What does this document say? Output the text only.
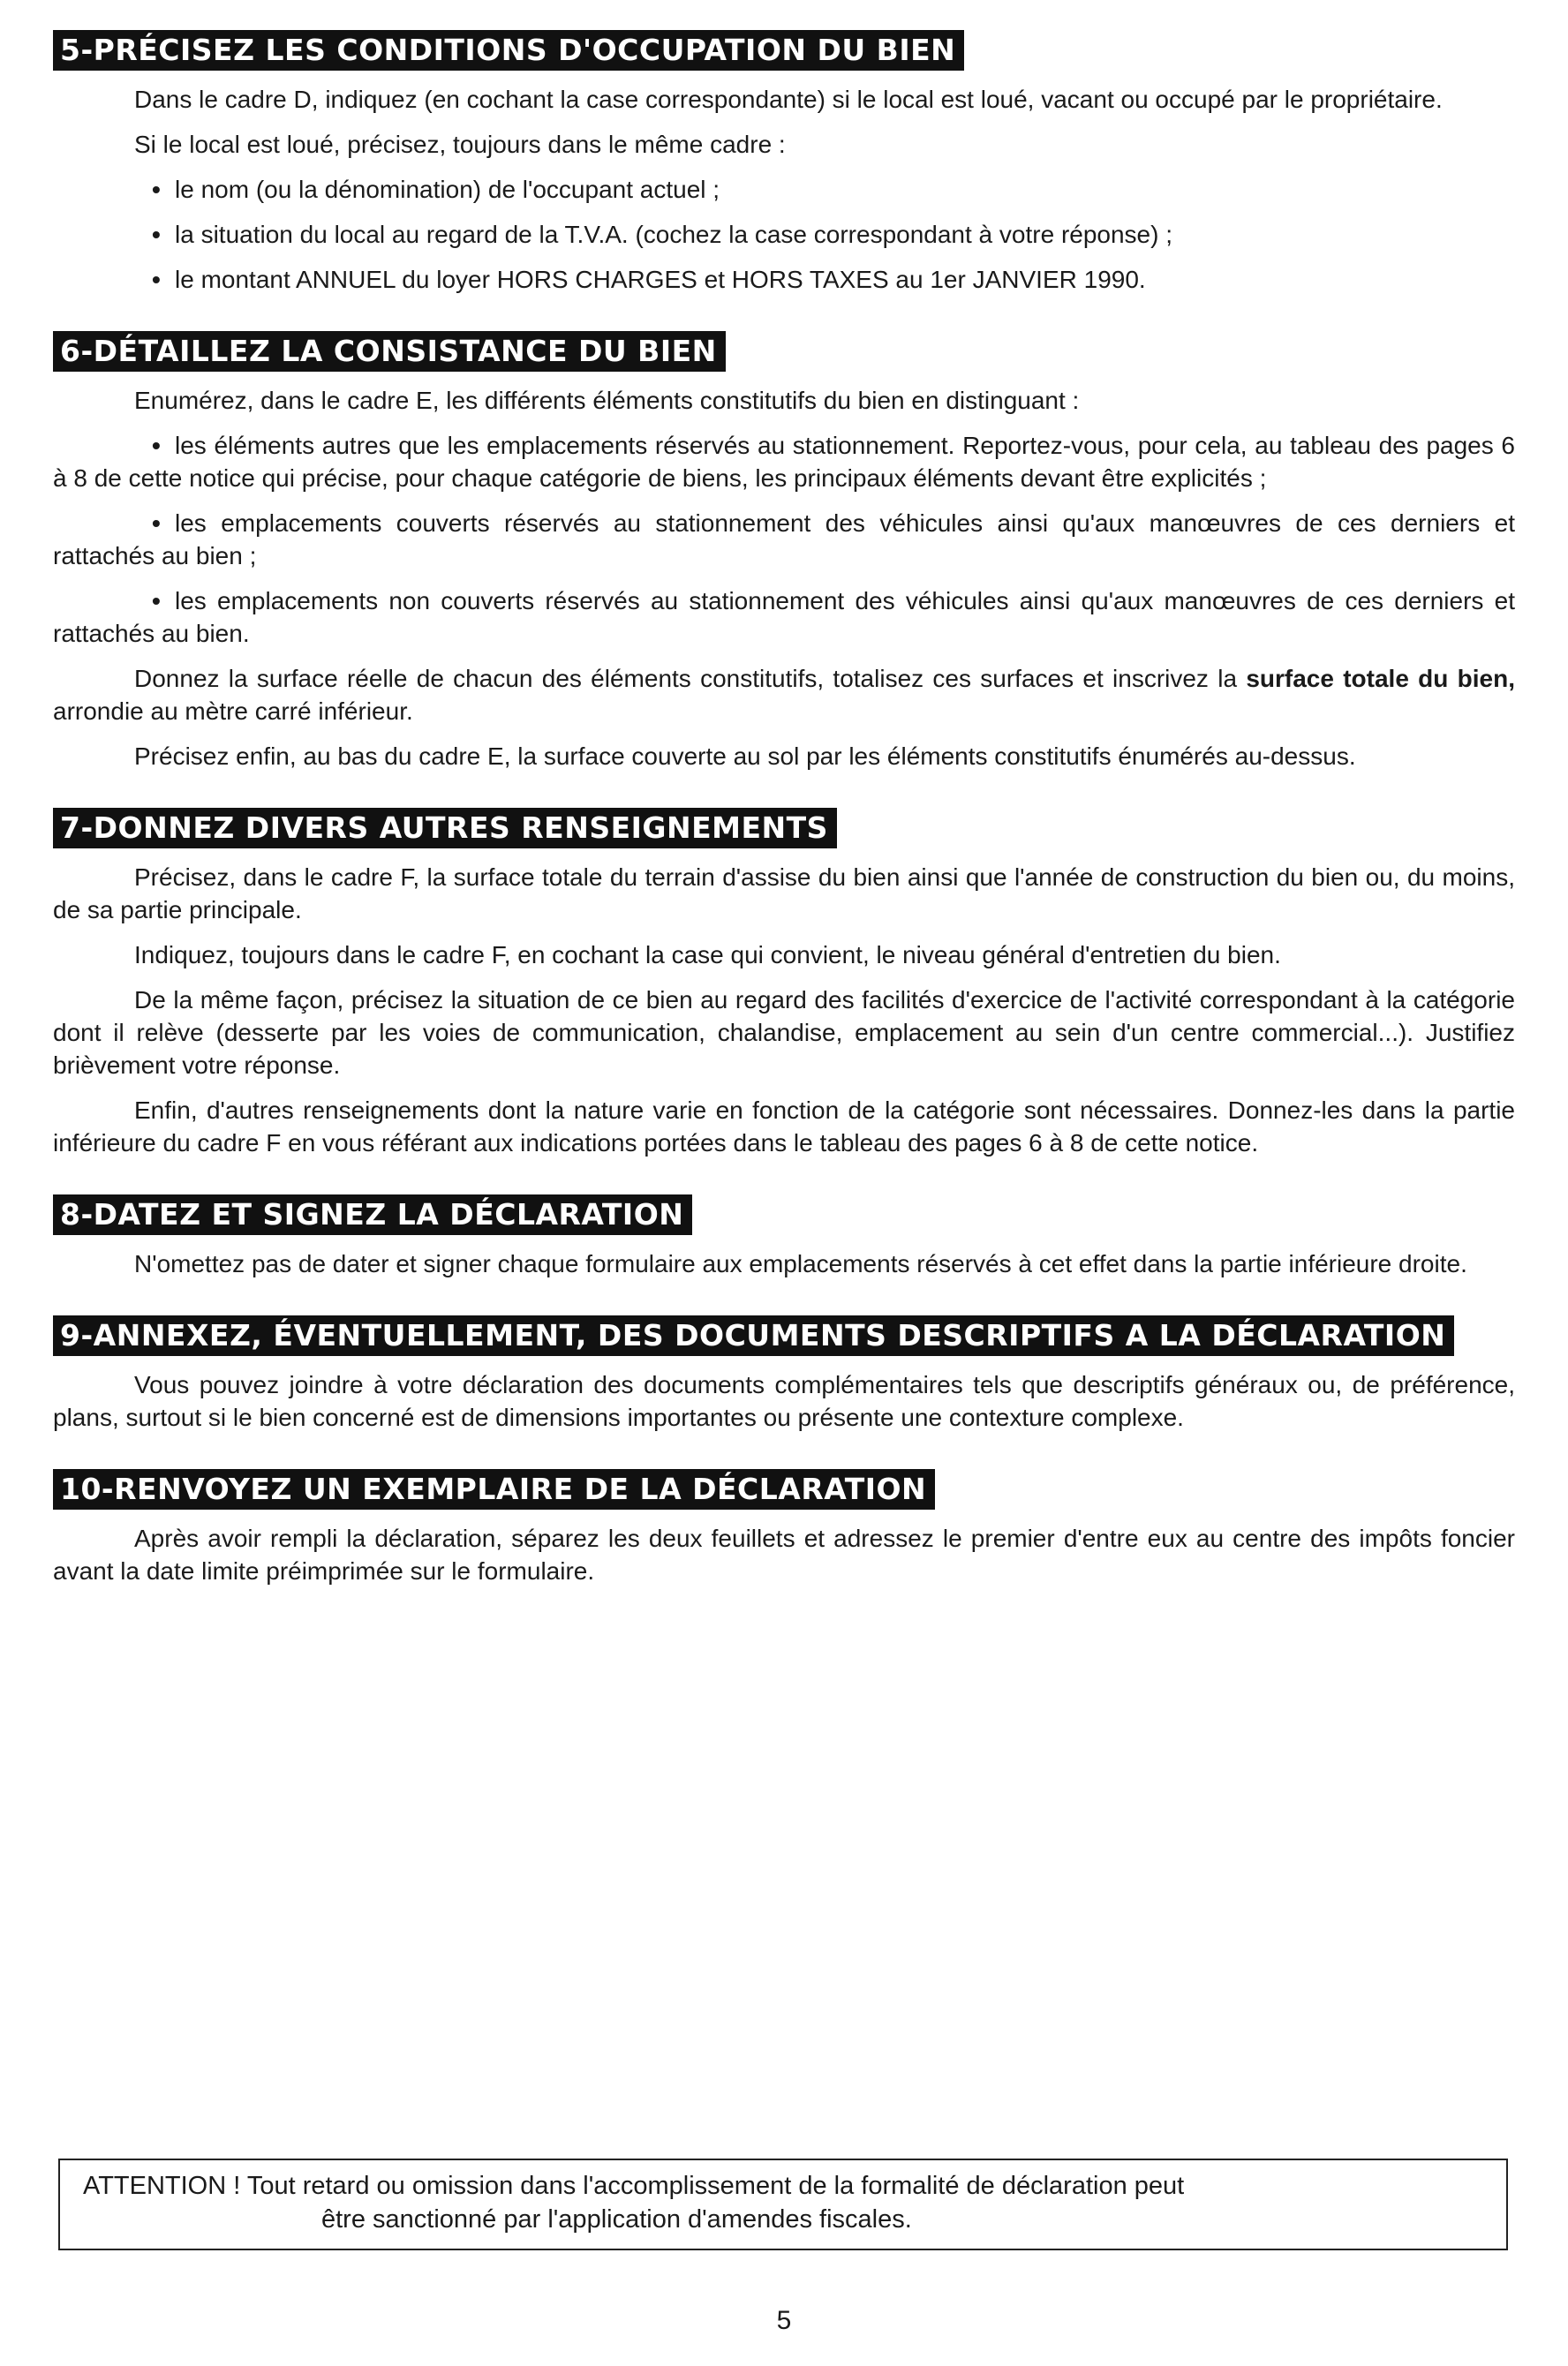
5-PRÉCISEZ LES CONDITIONS D'OCCUPATION DU BIEN

Dans le cadre D, indiquez (en cochant la case correspondante) si le local est loué, vacant ou occupé par le propriétaire.

Si le local est loué, précisez, toujours dans le même cadre :

• le nom (ou la dénomination) de l'occupant actuel ;
• la situation du local au regard de la T.V.A. (cochez la case correspondant à votre réponse) ;
• le montant ANNUEL du loyer HORS CHARGES et HORS TAXES au 1er JANVIER 1990.
6-DÉTAILLEZ LA CONSISTANCE DU BIEN

Enumérez, dans le cadre E, les différents éléments constitutifs du bien en distinguant :

• les éléments autres que les emplacements réservés au stationnement. Reportez-vous, pour cela, au tableau des pages 6 à 8 de cette notice qui précise, pour chaque catégorie de biens, les principaux éléments devant être explicités ;
• les emplacements couverts réservés au stationnement des véhicules ainsi qu'aux manœuvres de ces derniers et rattachés au bien ;
• les emplacements non couverts réservés au stationnement des véhicules ainsi qu'aux manœuvres de ces derniers et rattachés au bien.

Donnez la surface réelle de chacun des éléments constitutifs, totalisez ces surfaces et inscrivez la surface totale du bien, arrondie au mètre carré inférieur.

Précisez enfin, au bas du cadre E, la surface couverte au sol par les éléments constitutifs énumérés au-dessus.

7-DONNEZ DIVERS AUTRES RENSEIGNEMENTS

Précisez, dans le cadre F, la surface totale du terrain d'assise du bien ainsi que l'année de construction du bien ou, du moins, de sa partie principale.

Indiquez, toujours dans le cadre F, en cochant la case qui convient, le niveau général d'entretien du bien.

De la même façon, précisez la situation de ce bien au regard des facilités d'exercice de l'activité correspondant à la catégorie dont il relève (desserte par les voies de communication, chalandise, emplacement au sein d'un centre commercial...). Justifiez brièvement votre réponse.

Enfin, d'autres renseignements dont la nature varie en fonction de la catégorie sont nécessaires. Donnez-les dans la partie inférieure du cadre F en vous référant aux indications portées dans le tableau des pages 6 à 8 de cette notice.

8-DATEZ ET SIGNEZ LA DÉCLARATION

N'omettez pas de dater et signer chaque formulaire aux emplacements réservés à cet effet dans la partie inférieure droite.

9-ANNEXEZ, ÉVENTUELLEMENT, DES DOCUMENTS DESCRIPTIFS A LA DÉCLARATION

Vous pouvez joindre à votre déclaration des documents complémentaires tels que descriptifs généraux ou, de préférence, plans, surtout si le bien concerné est de dimensions importantes ou présente une contexture complexe.

10-RENVOYEZ UN EXEMPLAIRE DE LA DÉCLARATION

Après avoir rempli la déclaration, séparez les deux feuillets et adressez le premier d'entre eux au centre des impôts foncier avant la date limite préimprimée sur le formulaire.

ATTENTION ! Tout retard ou omission dans l'accomplissement de la formalité de déclaration peut
être sanctionné par l'application d'amendes fiscales.
5
